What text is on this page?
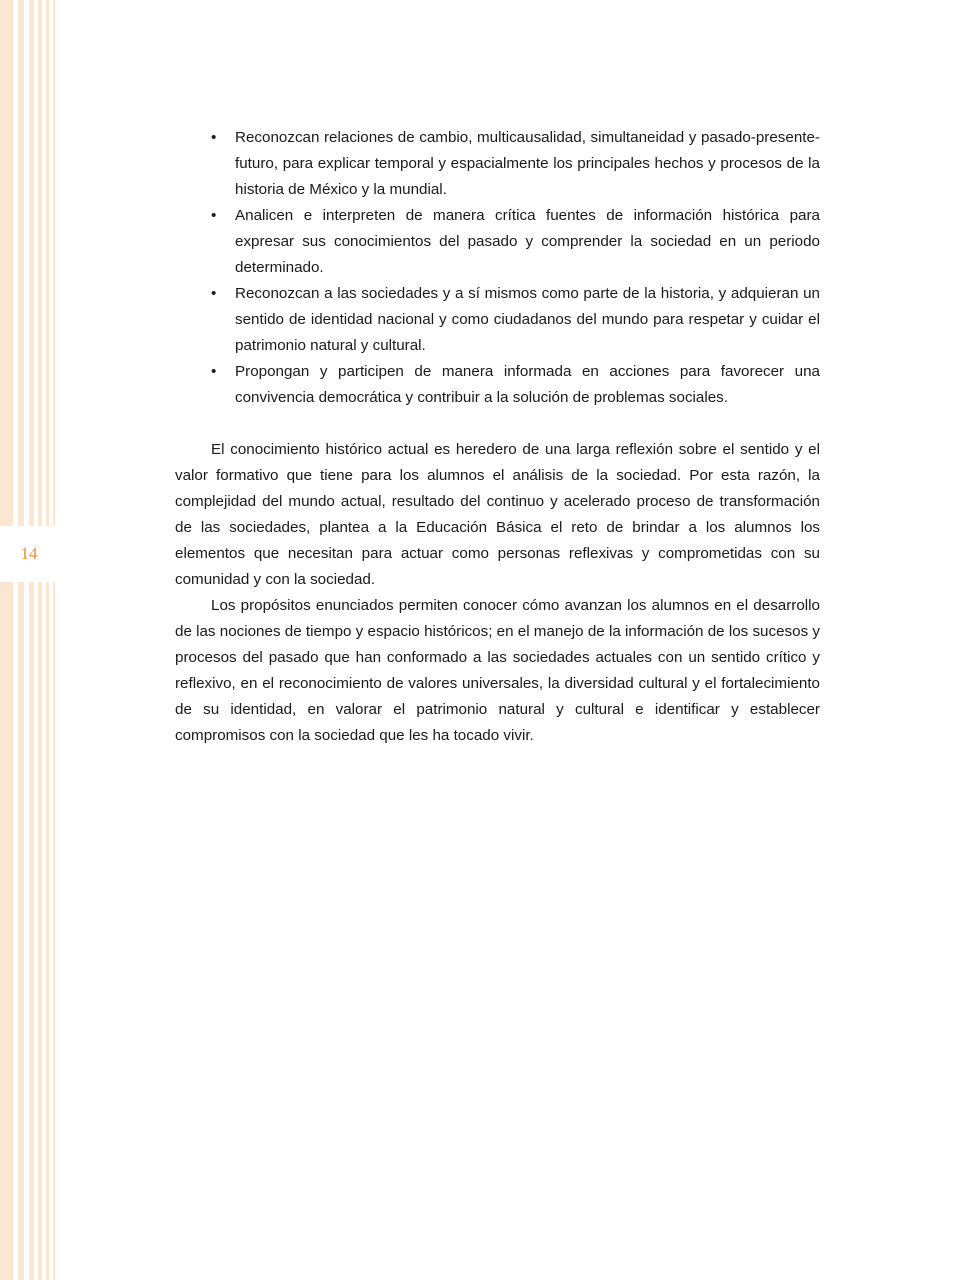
14
• Reconozcan relaciones de cambio, multicausalidad, simultaneidad y pasado-presente-futuro, para explicar temporal y espacialmente los principales hechos y procesos de la historia de México y la mundial.
• Analicen e interpreten de manera crítica fuentes de información histórica para expresar sus conocimientos del pasado y comprender la sociedad en un periodo determinado.
• Reconozcan a las sociedades y a sí mismos como parte de la historia, y adquieran un sentido de identidad nacional y como ciudadanos del mundo para respetar y cuidar el patrimonio natural y cultural.
• Propongan y participen de manera informada en acciones para favorecer una convivencia democrática y contribuir a la solución de problemas sociales.

El conocimiento histórico actual es heredero de una larga reflexión sobre el sentido y el valor formativo que tiene para los alumnos el análisis de la sociedad. Por esta razón, la complejidad del mundo actual, resultado del continuo y acelerado proceso de transformación de las sociedades, plantea a la Educación Básica el reto de brindar a los alumnos los elementos que necesitan para actuar como personas reflexivas y comprometidas con su comunidad y con la sociedad.

Los propósitos enunciados permiten conocer cómo avanzan los alumnos en el desarrollo de las nociones de tiempo y espacio históricos; en el manejo de la información de los sucesos y procesos del pasado que han conformado a las sociedades actuales con un sentido crítico y reflexivo, en el reconocimiento de valores universales, la diversidad cultural y el fortalecimiento de su identidad, en valorar el patrimonio natural y cultural e identificar y establecer compromisos con la sociedad que les ha tocado vivir.
